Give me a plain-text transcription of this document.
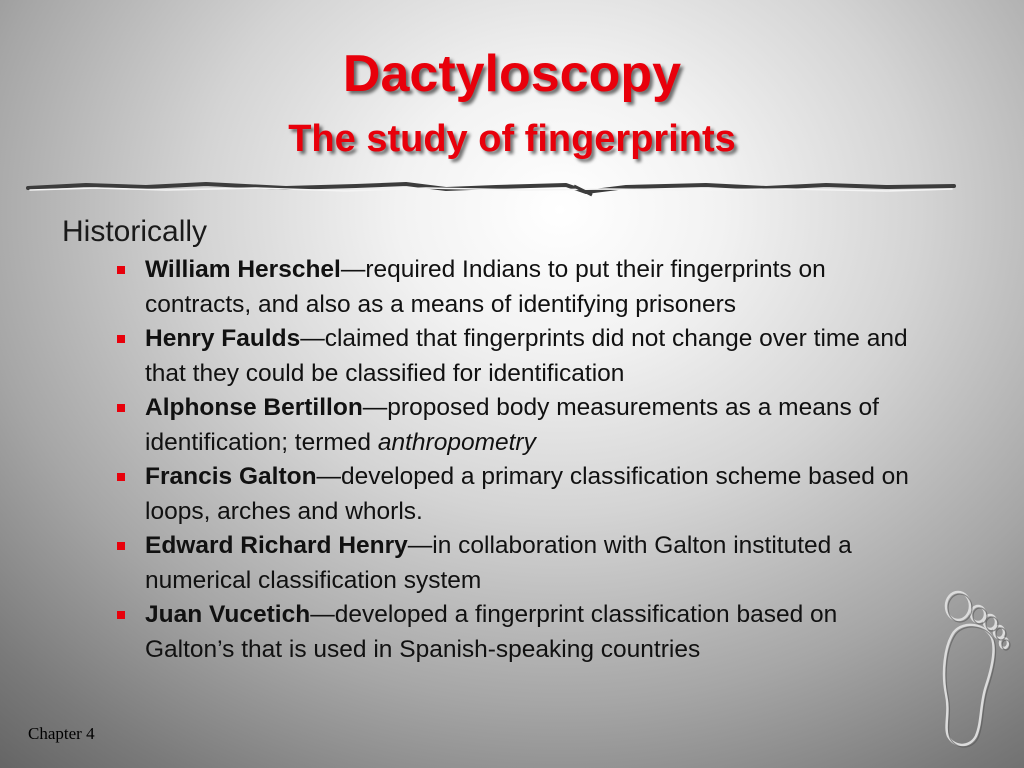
Dactyloscopy
The study of fingerprints

Historically

William Herschel—required Indians to put their fingerprints on contracts, and also as a means of identifying prisoners
Henry Faulds—claimed that fingerprints did not change over time and that they could be classified for identification
Alphonse Bertillon—proposed body measurements as a means of identification; termed anthropometry
Francis Galton—developed a primary classification scheme based on loops, arches and whorls.
Edward Richard Henry—in collaboration with Galton instituted a numerical classification system
Juan Vucetich—developed a fingerprint classification based on Galton’s that is used in Spanish-speaking countries
Chapter 4
